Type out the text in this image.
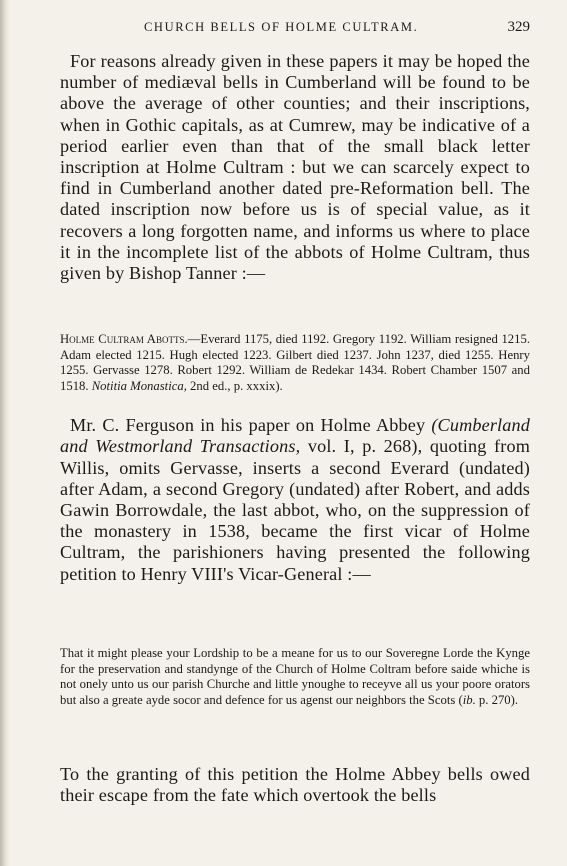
CHURCH BELLS OF HOLME CULTRAM.	329

For reasons already given in these papers it may be hoped the number of mediæval bells in Cumberland will be found to be above the average of other counties; and their inscriptions, when in Gothic capitals, as at Cumrew, may be indicative of a period earlier even than that of the small black letter inscription at Holme Cultram : but we can scarcely expect to find in Cumberland another dated pre-Reformation bell. The dated inscription now before us is of special value, as it recovers a long forgotten name, and informs us where to place it in the incomplete list of the abbots of Holme Cultram, thus given by Bishop Tanner :—

Holme Cultram Abotts.—Everard 1175, died 1192. Gregory 1192. William resigned 1215. Adam elected 1215. Hugh elected 1223. Gilbert died 1237. John 1237, died 1255. Henry 1255. Gervasse 1278. Robert 1292. William de Redekar 1434. Robert Chamber 1507 and 1518. Notitia Monastica, 2nd ed., p. xxxix).

Mr. C. Ferguson in his paper on Holme Abbey (Cumberland and Westmorland Transactions, vol. I, p. 268), quoting from Willis, omits Gervasse, inserts a second Everard (undated) after Adam, a second Gregory (undated) after Robert, and adds Gawin Borrowdale, the last abbot, who, on the suppression of the monastery in 1538, became the first vicar of Holme Cultram, the parishioners having presented the following petition to Henry VIII's Vicar-General :—

That it might please your Lordship to be a meane for us to our Soveregne Lorde the Kynge for the preservation and standynge of the Church of Holme Coltram before saide whiche is not onely unto us our parish Churche and little ynoughe to receyve all us your poore orators but also a greate ayde socor and defence for us agenst our neighbors the Scots (ib. p. 270).

To the granting of this petition the Holme Abbey bells owed their escape from the fate which overtook the bells
